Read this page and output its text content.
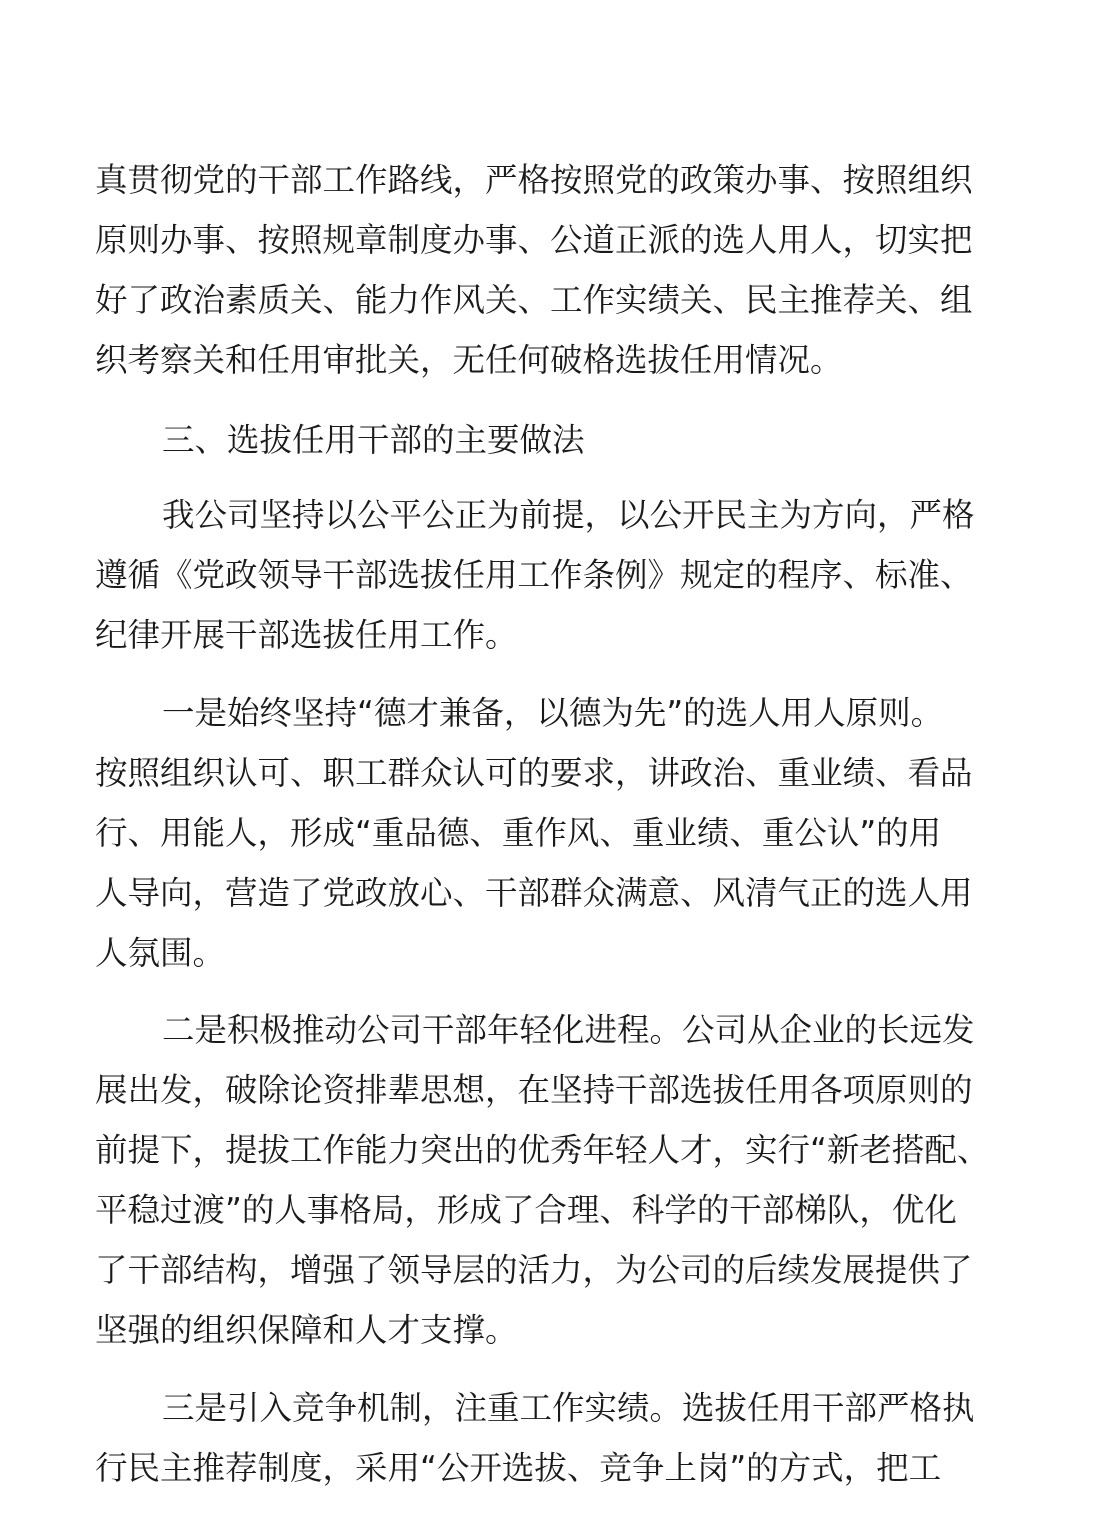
真贯彻党的干部工作路线，严格按照党的政策办事、按照组织
原则办事、按照规章制度办事、公道正派的选人用人，切实把
好了政治素质关、能力作风关、工作实绩关、民主推荐关、组
织考察关和任用审批关，无任何破格选拔任用情况。
三、选拔任用干部的主要做法
我公司坚持以公平公正为前提，以公开民主为方向，严格
遵循《党政领导干部选拔任用工作条例》规定的程序、标准、
纪律开展干部选拔任用工作。
一是始终坚持“德才兼备，以德为先”的选人用人原则。
按照组织认可、职工群众认可的要求，讲政治、重业绩、看品
行、用能人，形成“重品德、重作风、重业绩、重公认”的用
人导向，营造了党政放心、干部群众满意、风清气正的选人用
人氛围。
二是积极推动公司干部年轻化进程。公司从企业的长远发
展出发，破除论资排辈思想，在坚持干部选拔任用各项原则的
前提下，提拔工作能力突出的优秀年轻人才，实行“新老搭配、
平稳过渡”的人事格局，形成了合理、科学的干部梯队，优化
了干部结构，增强了领导层的活力，为公司的后续发展提供了
坚强的组织保障和人才支撑。
三是引入竞争机制，注重工作实绩。选拔任用干部严格执
行民主推荐制度，采用“公开选拔、竞争上岗”的方式，把工
